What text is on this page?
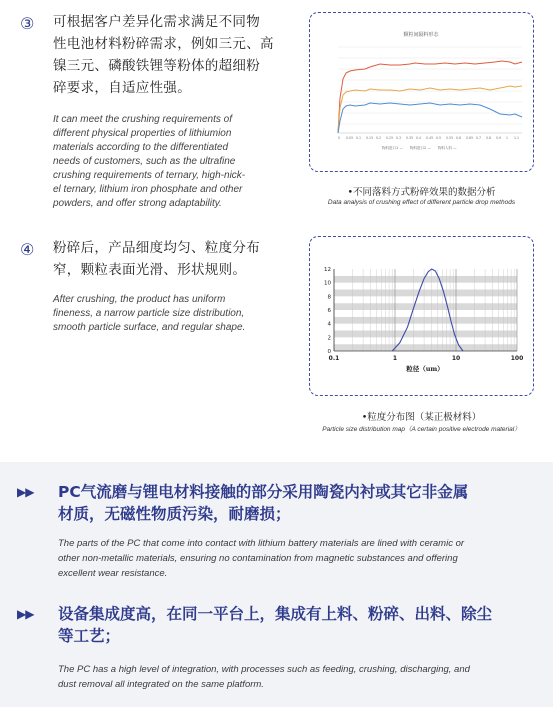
③ 可根据客户差异化需求满足不同物
性电池材料粉碎需求，例如三元、高
镍三元、磷酸铁锂等粉体的超细粉
碎要求，自适应性强。
It can meet the crushing requirements of
different physical properties of lithiumion
materials according to the differentiated
needs of customers, such as the ultrafine
crushing requirements of ternary, high-nick-
el ternary, lithium iron phosphate and other
powders, and offer strong adaptability.
颗粒间隔料形态
0 0.05 0.1 0.15 0.2 0.25 0.3 0.35 0.4 0.45 0.5 0.55 0.6 0.65 0.7 0.8 0.9 1 1.1
物料进口1 — 物料进口2 — 物料入料 —
•不同落料方式粉碎效果的数据分析
Data analysis of crushing effect of different particle drop methods
④ 粉碎后，产品细度均匀、粒度分布
窄，颗粒表面光滑、形状规则。
After crushing, the product has uniform
fineness, a narrow particle size distribution,
smooth particle surface, and regular shape.
0
2
4
6
8
10
12
0.1	1	10	100
粒径（um）
•粒度分布图（某正极材料）
Particle size distribution map（A certain positive electrode material）
▶▶ PC气流磨与锂电材料接触的部分采用陶瓷内衬或其它非金属
材质，无磁性物质污染，耐磨损；
The parts of the PC that come into contact with lithium battery materials are lined with ceramic or
other non-metallic materials, ensuring no contamination from magnetic substances and offering
excellent wear resistance.
▶▶ 设备集成度高，在同一平台上，集成有上料、粉碎、出料、除尘
等工艺；
The PC has a high level of integration, with processes such as feeding, crushing, discharging, and
dust removal all integrated on the same platform.
